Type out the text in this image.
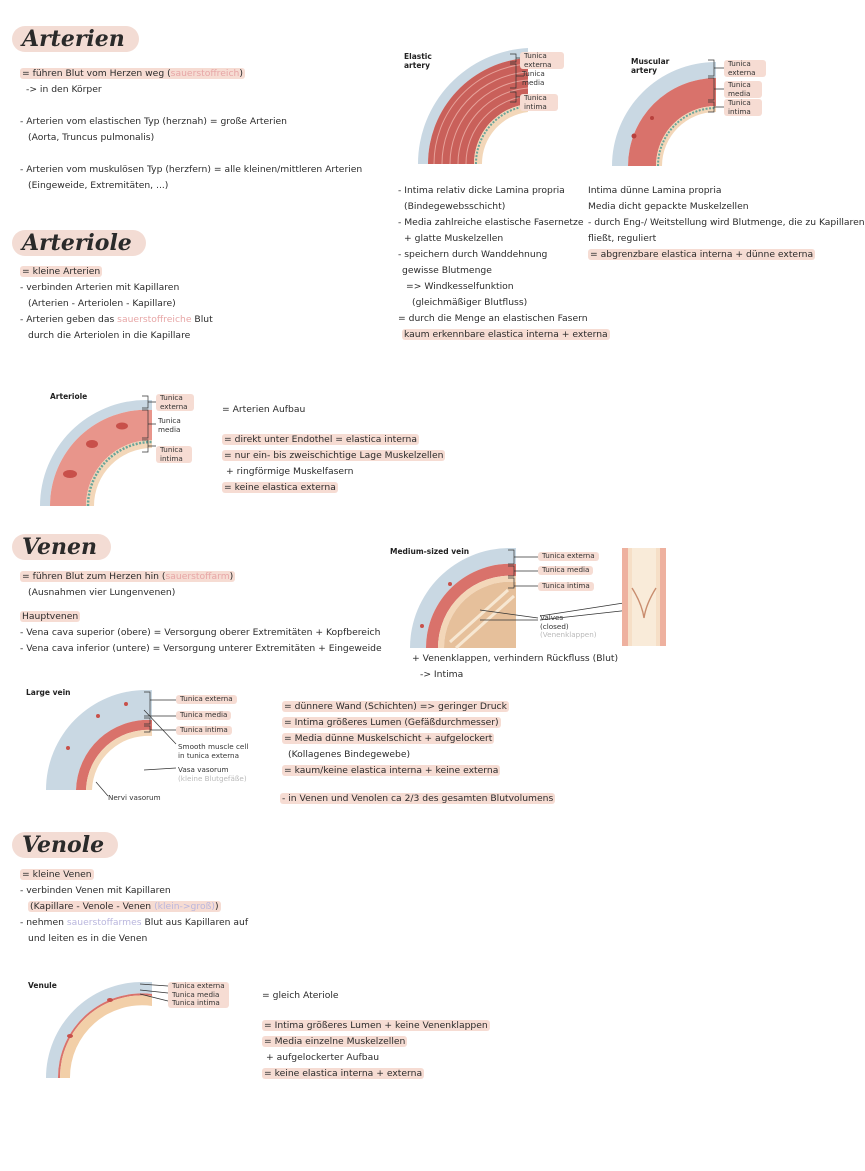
Arterien
= führen Blut vom Herzen weg (sauerstoffreich)
-> in den Körper
- Arterien vom elastischen Typ (herznah) = große Arterien
(Aorta, Truncus pulmonalis)
- Arterien vom muskulösen Typ (herzfern) = alle kleinen/mittleren Arterien
(Eingeweide, Extremitäten, ...)
Elastic
artery
Tunica externa
Tunica media
Tunica intima
- Intima relativ dicke Lamina propria
(Bindegewebsschicht)
- Media zahlreiche elastische Fasernetze
+ glatte Muskelzellen
- speichern durch Wanddehnung
gewisse Blutmenge
=> Windkesselfunktion
(gleichmäßiger Blutfluss)
= durch die Menge an elastischen Fasern
kaum erkennbare elastica interna + externa
Muscular
artery
Tunica externa
Tunica media
Tunica intima
Intima dünne Lamina propria
Media dicht gepackte Muskelzellen
- durch Eng-/ Weitstellung wird Blutmenge, die zu Kapillaren
fließt, reguliert
= abgrenzbare elastica interna + dünne externa
Arteriole
= kleine Arterien
- verbinden Arterien mit Kapillaren
(Arterien - Arteriolen - Kapillare)
- Arterien geben das sauerstoffreiche Blut
durch die Arteriolen in die Kapillare
Arteriole	Tunica externa
Tunica media
Tunica intima
= Arterien Aufbau
= direkt unter Endothel = elastica interna
= nur ein- bis zweischichtige Lage Muskelzellen
+ ringförmige Muskelfasern
= keine elastica externa
Venen
= führen Blut zum Herzen hin (sauerstoffarm)
(Ausnahmen vier Lungenvenen)
Hauptvenen
- Vena cava superior (obere) = Versorgung oberer Extremitäten + Kopfbereich
- Vena cava inferior (untere) = Versorgung unterer Extremitäten + Eingeweide
Medium-sized vein	Tunica externa
Tunica media
Tunica intima
Valves
(closed)
(Venenklappen)
+ Venenklappen, verhindern Rückfluss (Blut)
-> Intima
Large vein
Tunica externa
Tunica media
Tunica intima
Smooth muscle cell
in tunica externa
Vasa vasorum
(kleine Blutgefäße)
Nervi vasorum
= dünnere Wand (Schichten) => geringer Druck
= Intima größeres Lumen (Gefäßdurchmesser)
= Media dünne Muskelschicht + aufgelockert
(Kollagenes Bindegewebe)
= kaum/keine elastica interna + keine externa
- in Venen und Venolen ca 2/3 des gesamten Blutvolumens
Venole
= kleine Venen
- verbinden Venen mit Kapillaren
(Kapillare - Venole - Venen (klein->groß))
- nehmen sauerstoffarmes Blut aus Kapillaren auf
und leiten es in die Venen
Venule	Tunica externa
Tunica media
Tunica intima
= gleich Ateriole
= Intima größeres Lumen + keine Venenklappen
= Media einzelne Muskelzellen
+ aufgelockerter Aufbau
= keine elastica interna + externa
